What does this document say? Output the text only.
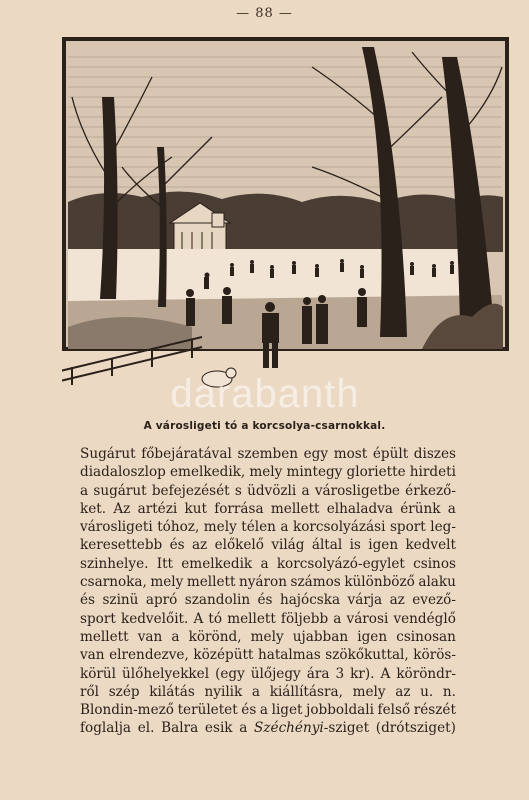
— 88 —
darabanth
A városligeti tó a korcsolya-csarnokkal.
Sugárut főbejáratával szemben egy most épült diszes
diadaloszlop emelkedik, mely mintegy gloriette hirdeti
a sugárut befejezését s üdvözli a városligetbe érkező-
ket. Az artézi kut forrása mellett elhaladva érünk a
városligeti tóhoz, mely télen a korcsolyázási sport leg-
keresettebb és az előkelő világ által is igen kedvelt
szinhelye. Itt emelkedik a korcsolyázó-egylet csinos
csarnoka, mely mellett nyáron számos különböző alaku
és szinü apró szandolin és hajócska várja az evező-
sport kedvelőit. A tó mellett följebb a városi vendéglő
mellett van a körönd, mely ujabban igen csinosan
van elrendezve, középütt hatalmas szökőkuttal, körös-
körül ülőhelyekkel (egy ülőjegy ára 3 kr). A köröndr-
ről szép kilátás nyilik a kiállításra, mely az u. n.
Blondin-mező területet és a liget jobboldali felső részét
foglalja el. Balra esik a Széchényi-sziget (drótsziget)
